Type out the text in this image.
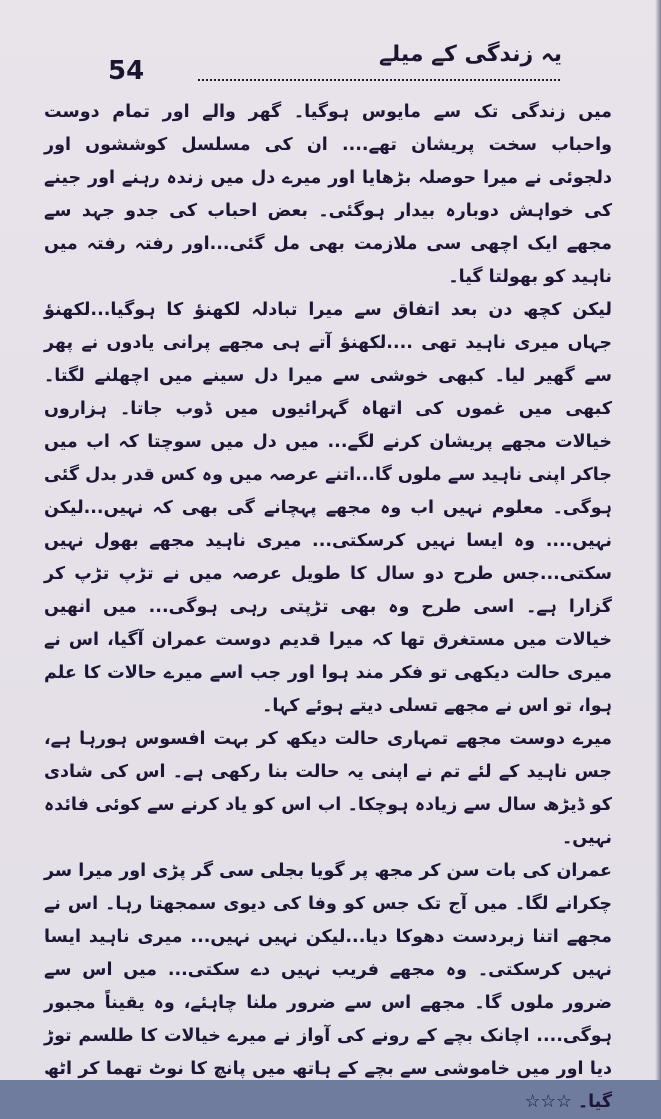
54
یہ زندگی کے میلے

میں زندگی تک سے مایوس ہوگیا۔ گھر والے اور تمام دوست واحباب سخت پریشان تھے.... ان کی مسلسل کوششوں اور دلجوئی نے میرا حوصلہ بڑھایا اور میرے دل میں زندہ رہنے اور جینے کی خواہش دوبارہ بیدار ہوگئی۔ بعض احباب کی جدو جہد سے مجھے ایک اچھی سی ملازمت بھی مل گئی...اور رفتہ رفتہ میں ناہید کو بھولتا گیا۔

لیکن کچھ دن بعد اتفاق سے میرا تبادلہ لکھنؤ کا ہوگیا...لکھنؤ جہاں میری ناہید تھی ....لکھنؤ آتے ہی مجھے پرانی یادوں نے پھر سے گھیر لیا۔ کبھی خوشی سے میرا دل سینے میں اچھلنے لگتا۔ کبھی میں غموں کی اتھاہ گہرائیوں میں ڈوب جاتا۔ ہزاروں خیالات مجھے پریشان کرنے لگے... میں دل میں سوچتا کہ اب میں جاکر اپنی ناہید سے ملوں گا...اتنے عرصہ میں وہ کس قدر بدل گئی ہوگی۔ معلوم نہیں اب وہ مجھے پہچانے گی بھی کہ نہیں...لیکن نہیں.... وہ ایسا نہیں کرسکتی... میری ناہید مجھے بھول نہیں سکتی...جس طرح دو سال کا طویل عرصہ میں نے تڑپ تڑپ کر گزارا ہے۔ اسی طرح وہ بھی تڑپتی رہی ہوگی... میں انھیں خیالات میں مستغرق تھا کہ میرا قدیم دوست عمران آگیا، اس نے میری حالت دیکھی تو فکر مند ہوا اور جب اسے میرے حالات کا علم ہوا، تو اس نے مجھے تسلی دیتے ہوئے کہا۔

میرے دوست مجھے تمہاری حالت دیکھ کر بہت افسوس ہورہا ہے، جس ناہید کے لئے تم نے اپنی یہ حالت بنا رکھی ہے۔ اس کی شادی کو ڈیڑھ سال سے زیادہ ہوچکا۔ اب اس کو یاد کرنے سے کوئی فائدہ نہیں۔

عمران کی بات سن کر مجھ پر گویا بجلی سی گر پڑی اور میرا سر چکرانے لگا۔ میں آج تک جس کو وفا کی دیوی سمجھتا رہا۔ اس نے مجھے اتنا زبردست دھوکا دیا...لیکن نہیں نہیں... میری ناہید ایسا نہیں کرسکتی۔ وہ مجھے فریب نہیں دے سکتی... میں اس سے ضرور ملوں گا۔ مجھے اس سے ضرور ملنا چاہئے، وہ یقیناً مجبور ہوگی.... اچانک بچے کے رونے کی آواز نے میرے خیالات کا طلسم توڑ دیا اور میں خاموشی سے بچے کے ہاتھ میں پانچ کا نوٹ تھما کر اٹھ گیا۔ ☆☆☆
